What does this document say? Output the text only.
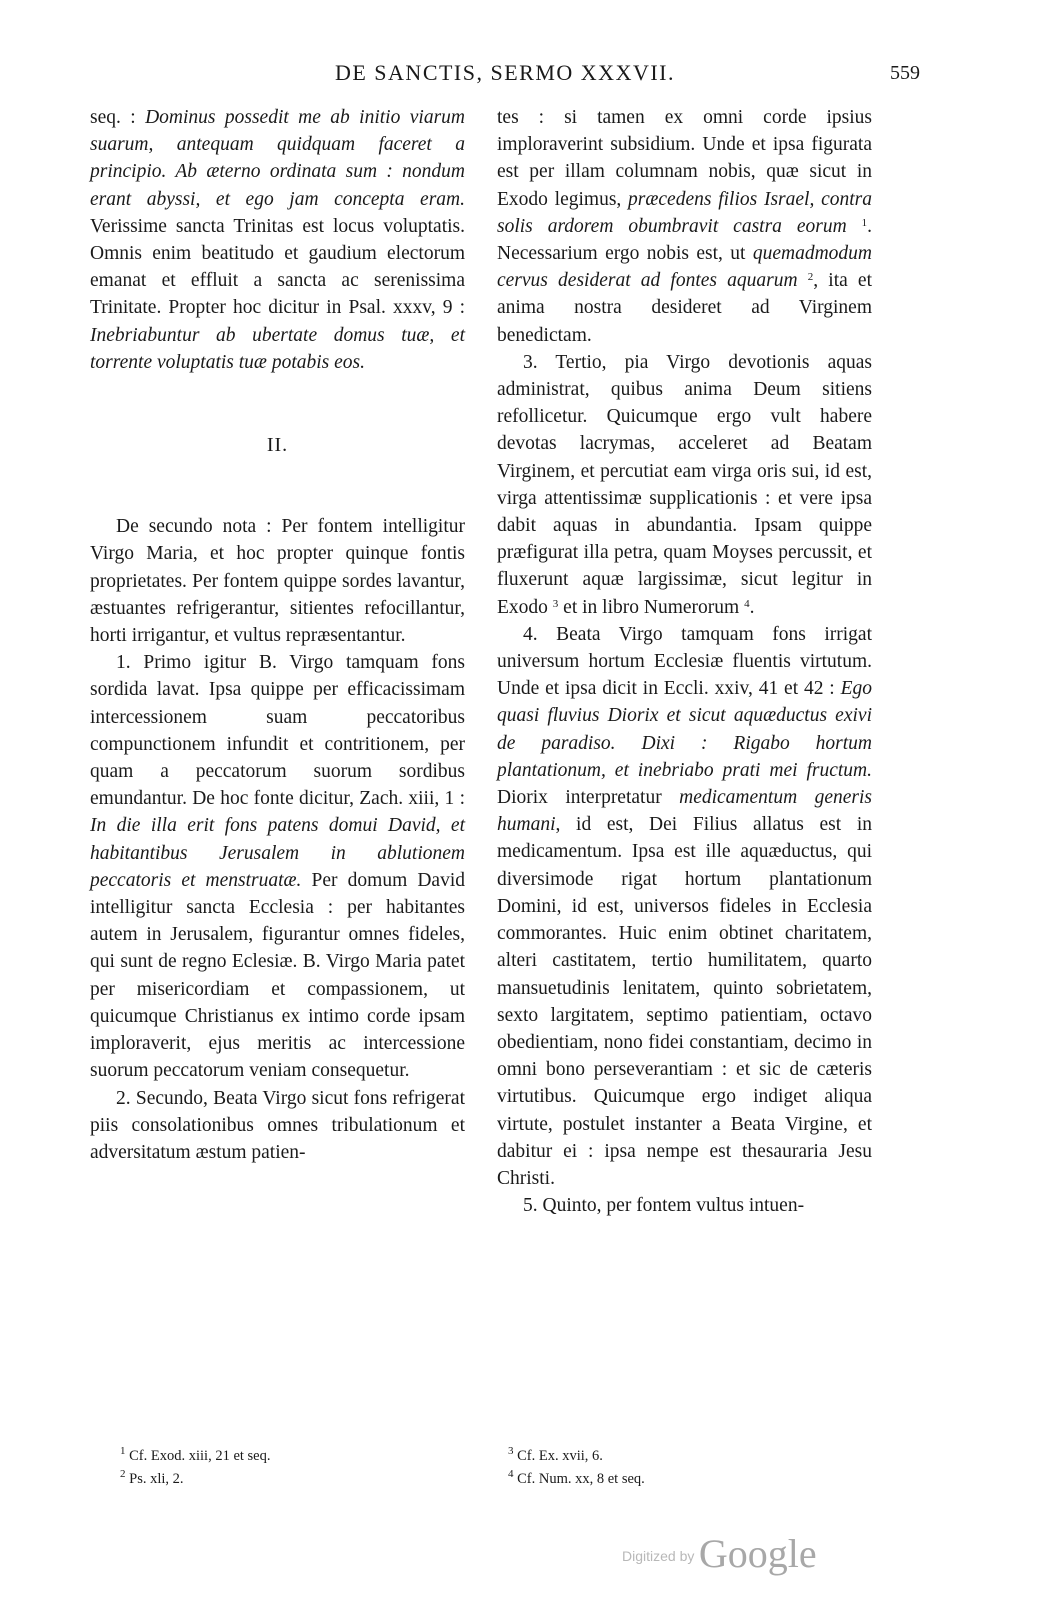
DE SANCTIS, SERMO XXXVII.	559

seq. : Dominus possedit me ab initio viarum suarum, antequam quidquam faceret a principio. Ab æterno ordinata sum : nondum erant abyssi, et ego jam concepta eram. Verissime sancta Trinitas est locus voluptatis. Omnis enim beatitudo et gaudium electorum emanat et effluit a sancta ac serenissima Trinitate. Propter hoc dicitur in Psal. xxxv, 9 : Inebriabuntur ab ubertate domus tuæ, et torrente voluptatis tuæ potabis eos.

II.

De secundo nota : Per fontem intelligitur Virgo Maria, et hoc propter quinque fontis proprietates. Per fontem quippe sordes lavantur, æstuantes refrigerantur, sitientes refocillantur, horti irrigantur, et vultus repræsentantur.

1. Primo igitur B. Virgo tamquam fons sordida lavat. Ipsa quippe per efficacissimam intercessionem suam peccatoribus compunctionem infundit et contritionem, per quam a peccatorum suorum sordibus emundantur. De hoc fonte dicitur, Zach. xiii, 1 : In die illa erit fons patens domui David, et habitantibus Jerusalem in ablutionem peccatoris et menstruatæ. Per domum David intelligitur sancta Ecclesia : per habitantes autem in Jerusalem, figurantur omnes fideles, qui sunt de regno Eclesiæ. B. Virgo Maria patet per misericordiam et compassionem, ut quicumque Christianus ex intimo corde ipsam imploraverit, ejus meritis ac intercessione suorum peccatorum veniam consequetur.

2. Secundo, Beata Virgo sicut fons refrigerat piis consolationibus omnes tribulationum et adversitatum æstum patien-

tes : si tamen ex omni corde ipsius imploraverint subsidium. Unde et ipsa figurata est per illam columnam nobis, quæ sicut in Exodo legimus, præcedens filios Israel, contra solis ardorem obumbravit castra eorum $^1$. Necessarium ergo nobis est, ut quemadmodum cervus desiderat ad fontes aquarum $^2$, ita et anima nostra desideret ad Virginem benedictam.

3. Tertio, pia Virgo devotionis aquas administrat, quibus anima Deum sitiens refollicetur. Quicumque ergo vult habere devotas lacrymas, acceleret ad Beatam Virginem, et percutiat eam virga oris sui, id est, virga attentissimæ supplicationis : et vere ipsa dabit aquas in abundantia. Ipsam quippe præfigurat illa petra, quam Moyses percussit, et fluxerunt aquæ largissimæ, sicut legitur in Exodo $^3$ et in libro Numerorum $^4$.

4. Beata Virgo tamquam fons irrigat universum hortum Ecclesiæ fluentis virtutum. Unde et ipsa dicit in Eccli. xxiv, 41 et 42 : Ego quasi fluvius Diorix et sicut aquæductus exivi de paradiso. Dixi : Rigabo hortum plantationum, et inebriabo prati mei fructum. Diorix interpretatur medicamentum generis humani, id est, Dei Filius allatus est in medicamentum. Ipsa est ille aquæductus, qui diversimode rigat hortum plantationum Domini, id est, universos fideles in Ecclesia commorantes. Huic enim obtinet charitatem, alteri castitatem, tertio humilitatem, quarto mansuetudinis lenitatem, quinto sobrietatem, sexto largitatem, septimo patientiam, octavo obedientiam, nono fidei constantiam, decimo in omni bono perseverantiam : et sic de cæteris virtutibus. Quicumque ergo indiget aliqua virtute, postulet instanter a Beata Virgine, et dabitur ei : ipsa nempe est thesauraria Jesu Christi.

5. Quinto, per fontem vultus intuen-

$^1$ Cf. Exod. xiii, 21 et seq.
$^2$ Ps. xli, 2.
$^3$ Cf. Ex. xvii, 6.
$^4$ Cf. Num. xx, 8 et seq.
Digitized by Google
